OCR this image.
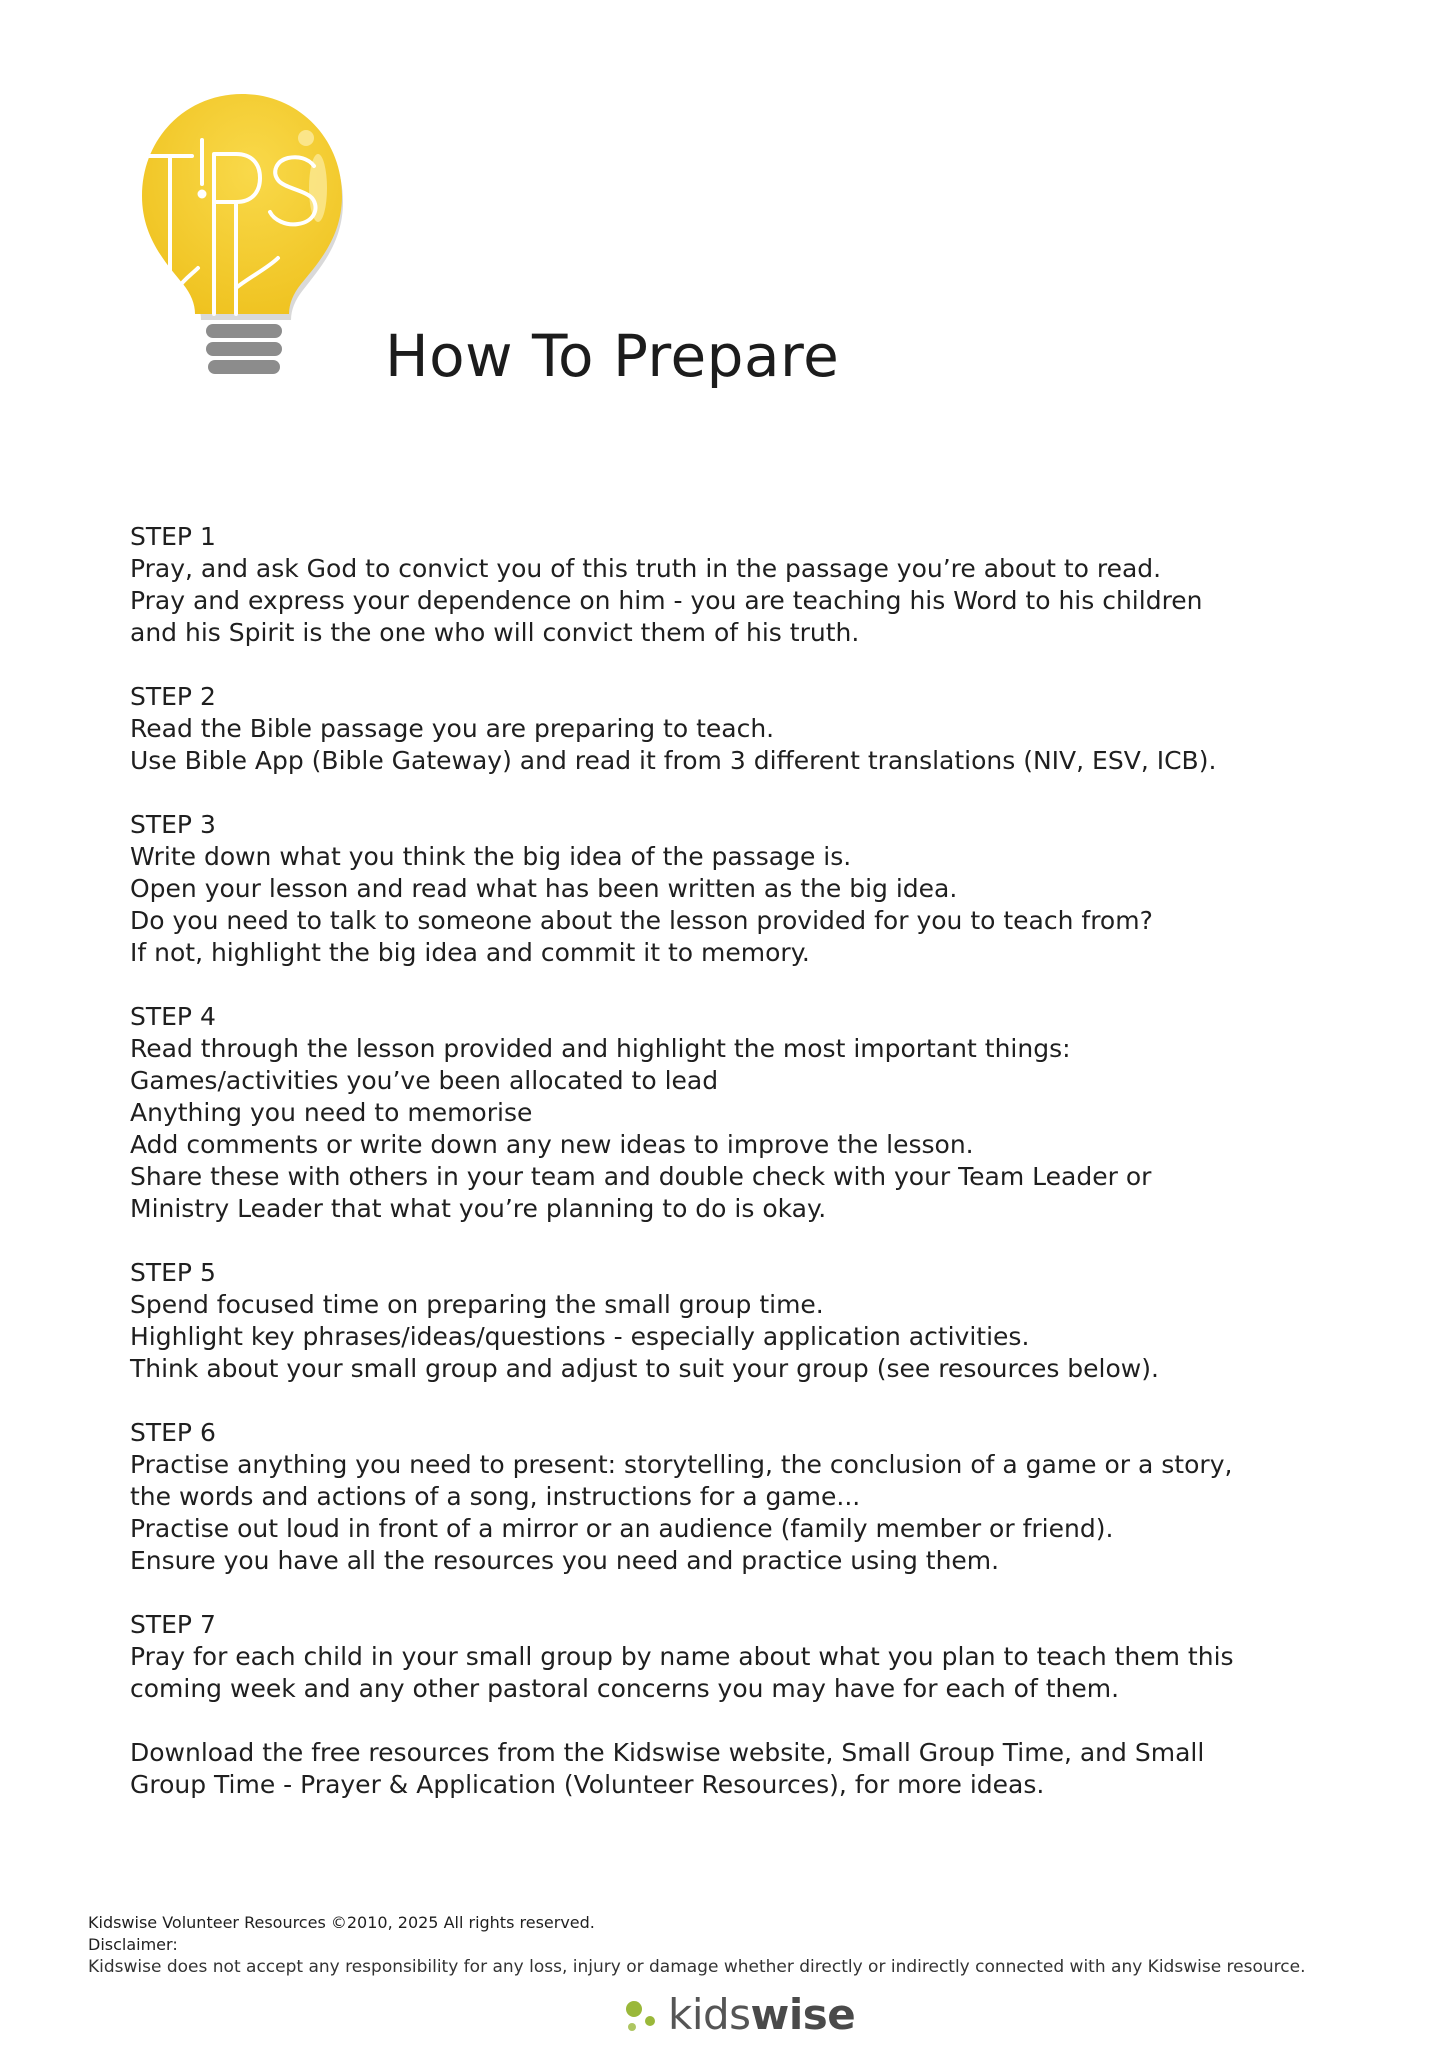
How To Prepare
STEP 1
Pray, and ask God to convict you of this truth in the passage you’re about to read.
Pray and express your dependence on him - you are teaching his Word to his children
and his Spirit is the one who will convict them of his truth.
STEP 2
Read the Bible passage you are preparing to teach.
Use Bible App (Bible Gateway) and read it from 3 different translations (NIV, ESV, ICB).
STEP 3
Write down what you think the big idea of the passage is.
Open your lesson and read what has been written as the big idea.
Do you need to talk to someone about the lesson provided for you to teach from?
If not, highlight the big idea and commit it to memory.
STEP 4
Read through the lesson provided and highlight the most important things:
Games/activities you’ve been allocated to lead
Anything you need to memorise
Add comments or write down any new ideas to improve the lesson.
Share these with others in your team and double check with your Team Leader or
Ministry Leader that what you’re planning to do is okay.
STEP 5
Spend focused time on preparing the small group time.
Highlight key phrases/ideas/questions - especially application activities.
Think about your small group and adjust to suit your group (see resources below).
STEP 6
Practise anything you need to present: storytelling, the conclusion of a game or a story,
the words and actions of a song, instructions for a game...
Practise out loud in front of a mirror or an audience (family member or friend).
Ensure you have all the resources you need and practice using them.
STEP 7
Pray for each child in your small group by name about what you plan to teach them this
coming week and any other pastoral concerns you may have for each of them.
Download the free resources from the Kidswise website, Small Group Time, and Small
Group Time - Prayer & Application (Volunteer Resources), for more ideas.
Kidswise Volunteer Resources ©2010, 2025 All rights reserved.
Disclaimer:
Kidswise does not accept any responsibility for any loss, injury or damage whether directly or indirectly connected with any Kidswise resource.
kidswise
